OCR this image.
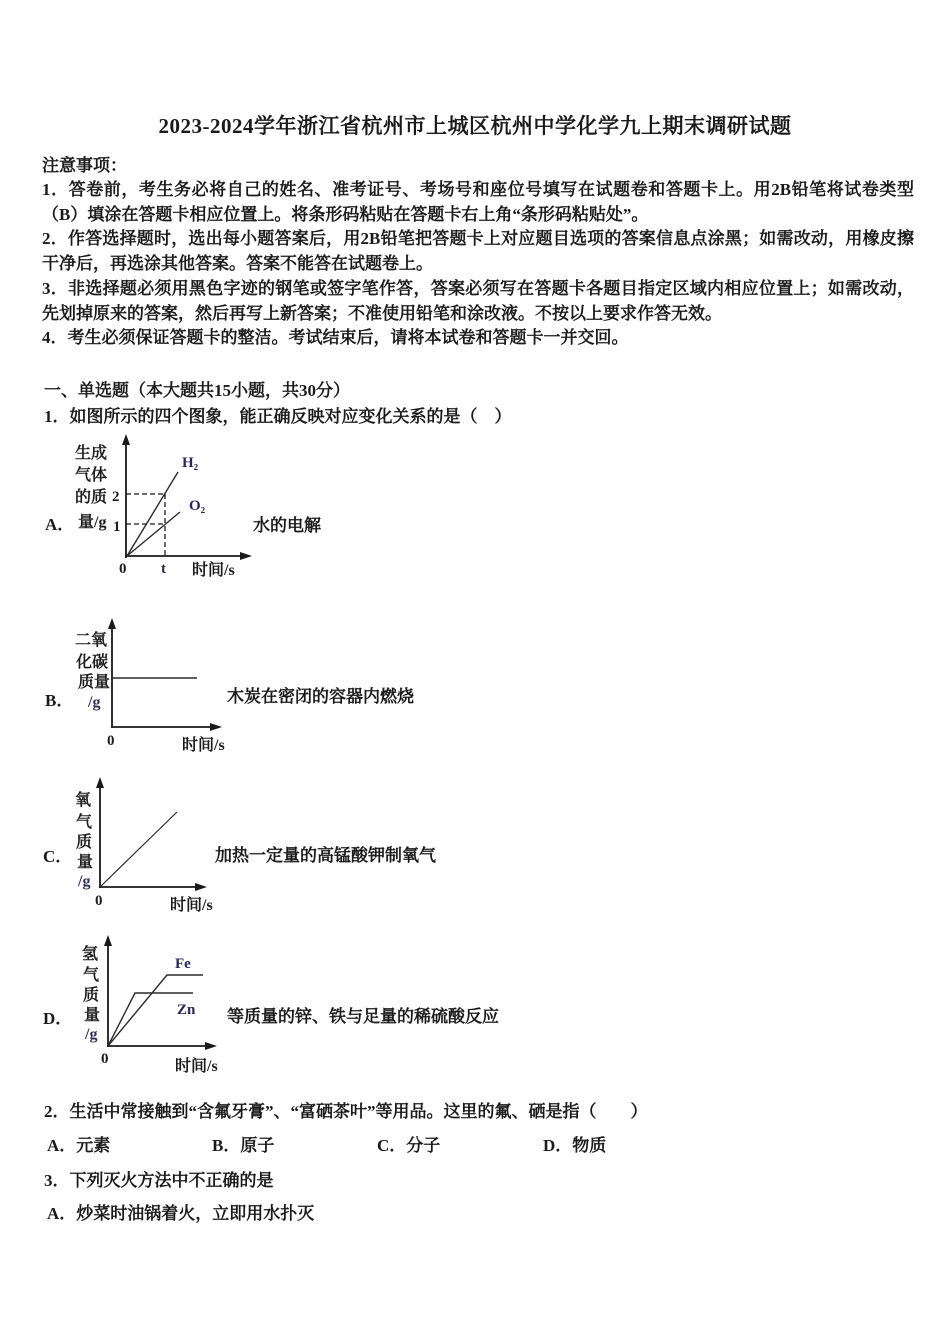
2023-2024学年浙江省杭州市上城区杭州中学化学九上期末调研试题
注意事项：

1．答卷前，考生务必将自己的姓名、准考证号、考场号和座位号填写在试题卷和答题卡上。用2B铅笔将试卷类型（B）填涂在答题卡相应位置上。将条形码粘贴在答题卡右上角“条形码粘贴处”。

2．作答选择题时，选出每小题答案后，用2B铅笔把答题卡上对应题目选项的答案信息点涂黑；如需改动，用橡皮擦干净后，再选涂其他答案。答案不能答在试题卷上。

3．非选择题必须用黑色字迹的钢笔或签字笔作答，答案必须写在答题卡各题目指定区域内相应位置上；如需改动，先划掉原来的答案，然后再写上新答案；不准使用铅笔和涂改液。不按以上要求作答无效。

4．考生必须保证答题卡的整洁。考试结束后，请将本试卷和答题卡一并交回。

一、单选题（本大题共15小题，共30分）
1．如图所示的四个图象，能正确反映对应变化关系的是（　）
A．
生成
气体
的质
量/g
2
1
0 t 时间/s
H₂
O₂
水的电解
B．
二氧
化碳
质量
/g
0	时间/s
木炭在密闭的容器内燃烧
C．
氧
气
质
量
/g
0	时间/s
加热一定量的高锰酸钾制氧气
D．
氢
气
质
量
/g
Fe
Zn
0	时间/s
等质量的锌、铁与足量的稀硫酸反应
2．生活中常接触到“含氟牙膏”、“富硒茶叶”等用品。这里的氟、硒是指（　　）
A．元素	B．原子	C．分子	D．物质
3．下列灭火方法中不正确的是
A．炒菜时油锅着火，立即用水扑灭
